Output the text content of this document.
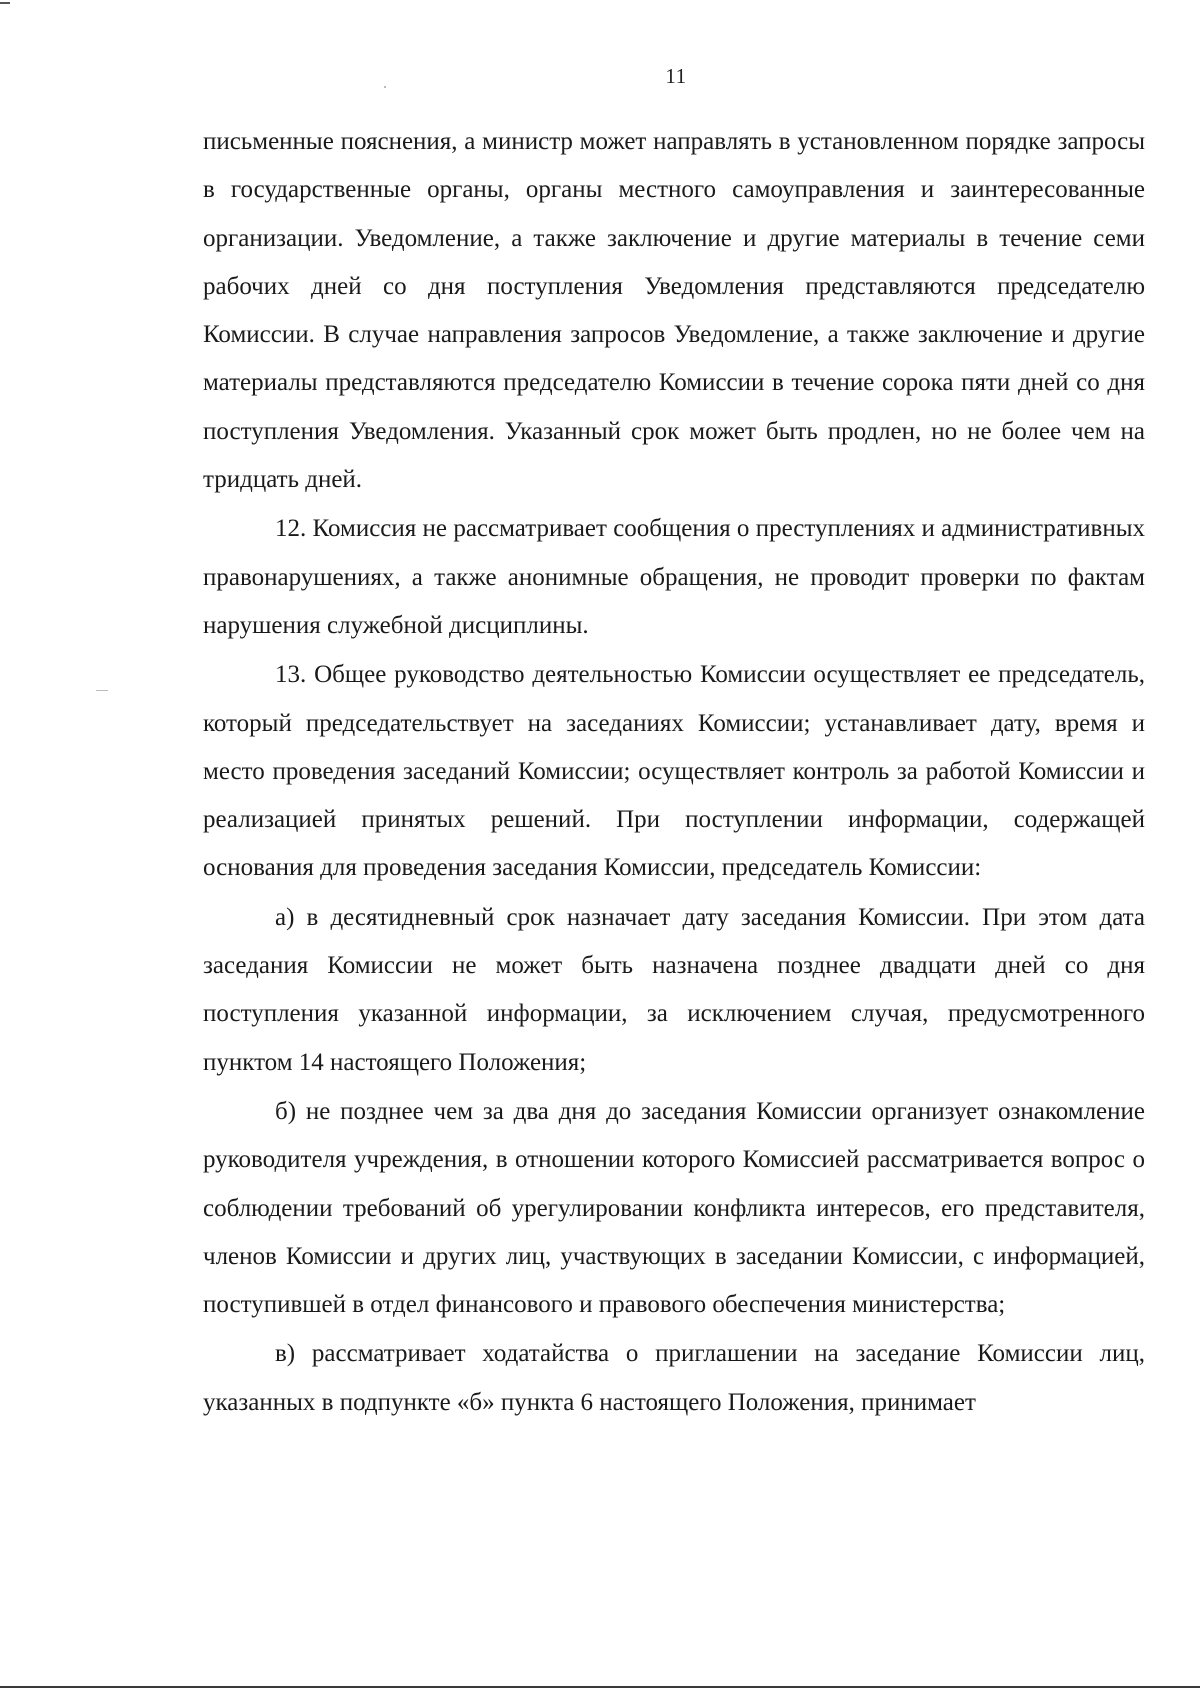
11

письменные пояснения, а министр может направлять в установленном порядке запросы в государственные органы, органы местного самоуправления и заинтересованные организации. Уведомление, а также заключение и другие материалы в течение семи рабочих дней со дня поступления Уведомления представляются председателю Комиссии. В случае направления запросов Уведомление, а также заключение и другие материалы представляются председателю Комиссии в течение сорока пяти дней со дня поступления Уведомления. Указанный срок может быть продлен, но не более чем на тридцать дней.

12. Комиссия не рассматривает сообщения о преступлениях и административных правонарушениях, а также анонимные обращения, не проводит проверки по фактам нарушения служебной дисциплины.

13. Общее руководство деятельностью Комиссии осуществляет ее председатель, который председательствует на заседаниях Комиссии; устанавливает дату, время и место проведения заседаний Комиссии; осуществляет контроль за работой Комиссии и реализацией принятых решений. При поступлении информации, содержащей основания для проведения заседания Комиссии, председатель Комиссии:

а) в десятидневный срок назначает дату заседания Комиссии. При этом дата заседания Комиссии не может быть назначена позднее двадцати дней со дня поступления указанной информации, за исключением случая, предусмотренного пунктом 14 настоящего Положения;

б) не позднее чем за два дня до заседания Комиссии организует ознакомление руководителя учреждения, в отношении которого Комиссией рассматривается вопрос о соблюдении требований об урегулировании конфликта интересов, его представителя, членов Комиссии и других лиц, участвующих в заседании Комиссии, с информацией, поступившей в отдел финансового и правового обеспечения министерства;

в) рассматривает ходатайства о приглашении на заседание Комиссии лиц, указанных в подпункте «б» пункта 6 настоящего Положения, принимает
